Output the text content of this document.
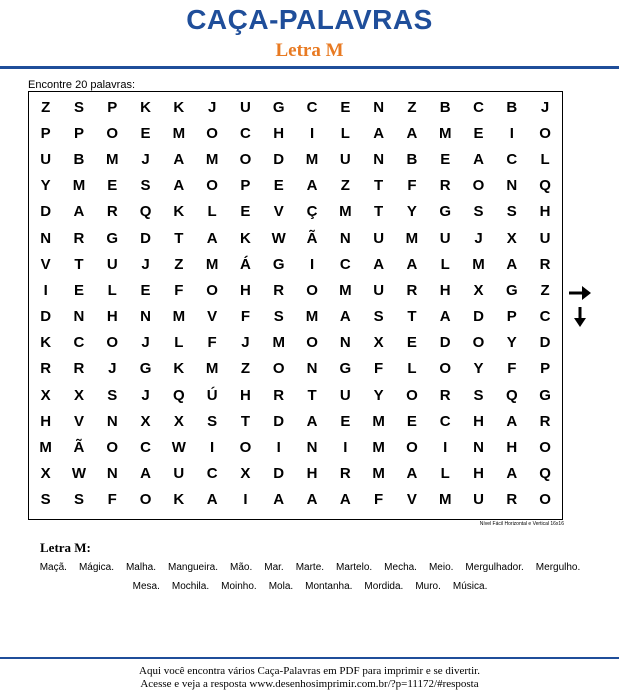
CAÇA-PALAVRAS
Letra M
Encontre 20 palavras:
Z	S	P	K	K	J	U	G	C	E	N	Z	B	C	B	J
P	P	O	E	M	O	C	H	I	L	A	A	M	E	I	O
U	B	M	J	A	M	O	D	M	U	N	B	E	A	C	L
Y	M	E	S	A	O	P	E	A	Z	T	F	R	O	N	Q
D	A	R	Q	K	L	E	V	Ç	M	T	Y	G	S	S	H
N	R	G	D	T	A	K	W	Ã	N	U	M	U	J	X	U
V	T	U	J	Z	M	Á	G	I	C	A	A	L	M	A	R
I	E	L	E	F	O	H	R	O	M	U	R	H	X	G	Z
D	N	H	N	M	V	F	S	M	A	S	T	A	D	P	C
K	C	O	J	L	F	J	M	O	N	X	E	D	O	Y	D
R	R	J	G	K	M	Z	O	N	G	F	L	O	Y	F	P
X	X	S	J	Q	Ú	H	R	T	U	Y	O	R	S	Q	G
H	V	N	X	X	S	T	D	A	E	M	E	C	H	A	R
M	Ã	O	C	W	I	O	I	N	I	M	O	I	N	H	O
X	W	N	A	U	C	X	D	H	R	M	A	L	H	A	Q
S	S	F	O	K	A	I	A	A	A	F	V	M	U	R	O
Nível Fácil Horizontal e Vertical 16x16
Letra M:
Maçã.	Mágica.	Malha.	Mangueira.	Mão.	Mar.	Marte.	Martelo.	Mecha.	Meio.	Mergulhador.	Mergulho.
Mesa.	Mochila.	Moinho.	Mola.	Montanha.	Mordida.	Muro.	Música.
Aqui você encontra vários Caça-Palavras em PDF para imprimir e se divertir.
Acesse e veja a resposta www.desenhosimprimir.com.br/?p=11172/#resposta
